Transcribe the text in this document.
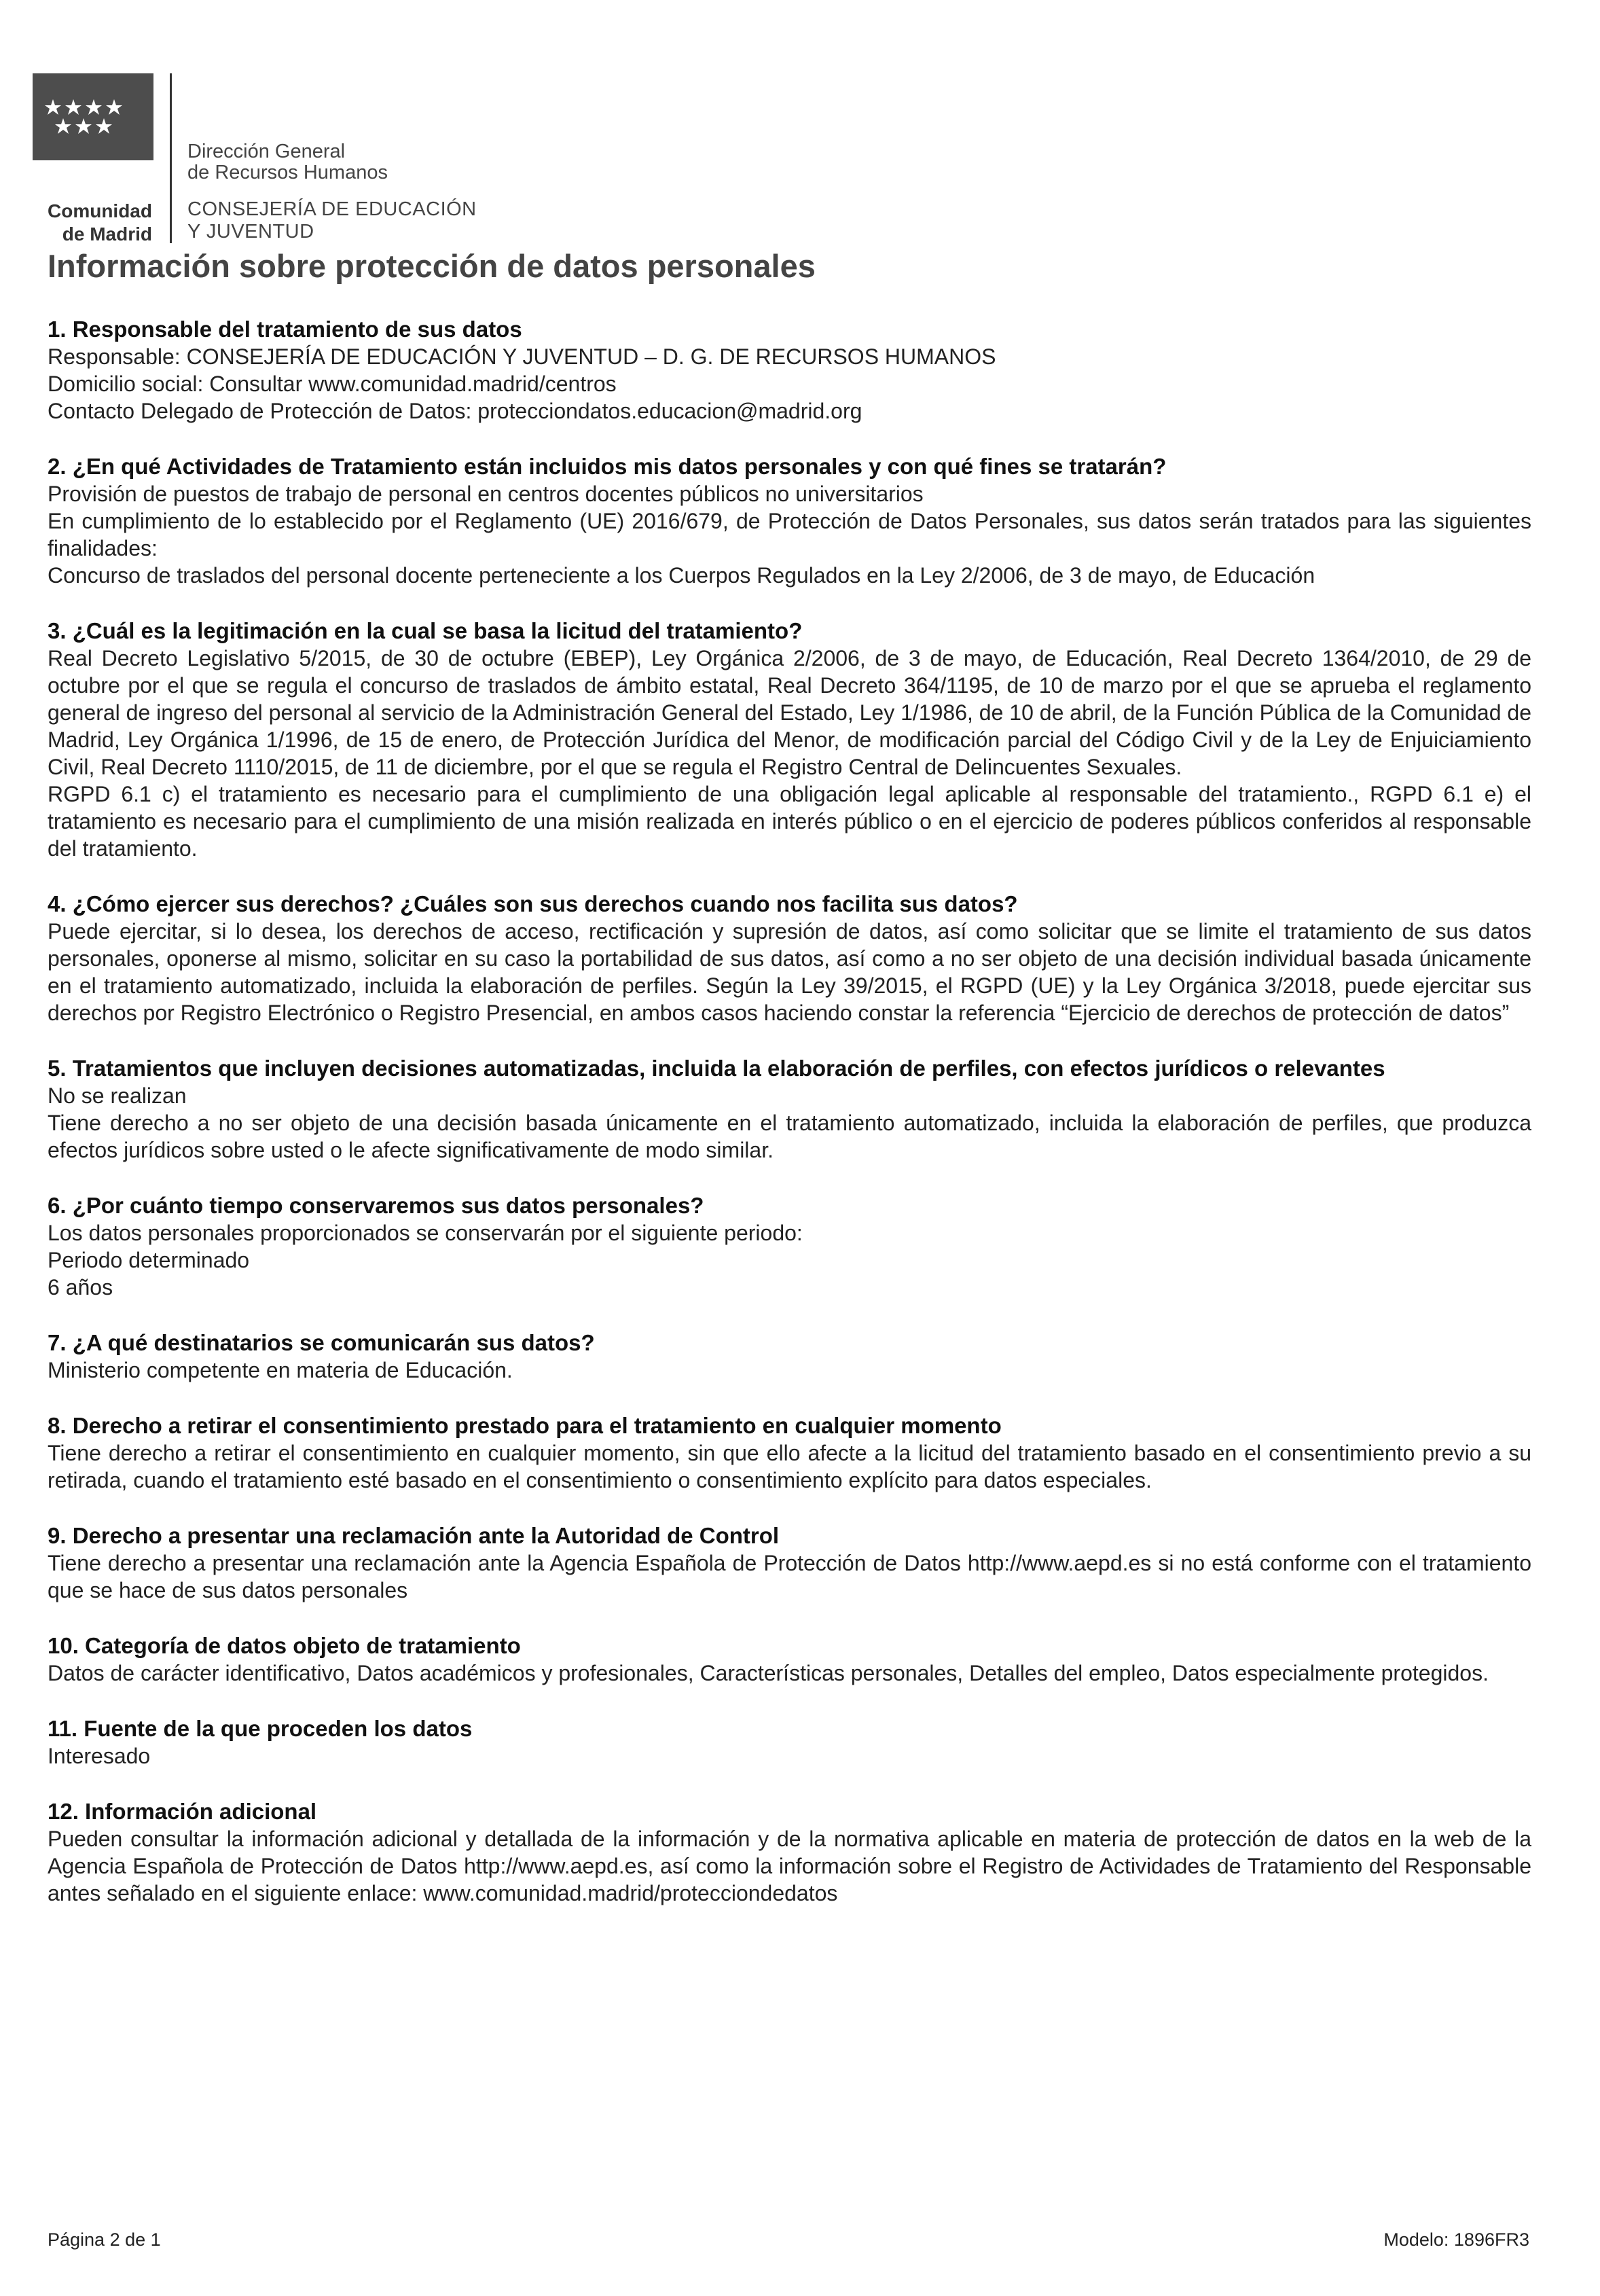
Comunidad
de Madrid
Dirección General
de Recursos Humanos
CONSEJERÍA DE EDUCACIÓN
Y JUVENTUD
Información sobre protección de datos personales
1. Responsable del tratamiento de sus datos

Responsable: CONSEJERÍA DE EDUCACIÓN Y JUVENTUD – D. G. DE RECURSOS HUMANOS

Domicilio social: Consultar www.comunidad.madrid/centros

Contacto Delegado de Protección de Datos: protecciondatos.educacion@madrid.org

2. ¿En qué Actividades de Tratamiento están incluidos mis datos personales y con qué fines se tratarán?

Provisión de puestos de trabajo de personal en centros docentes públicos no universitarios

En cumplimiento de lo establecido por el Reglamento (UE) 2016/679, de Protección de Datos Personales, sus datos serán tratados para las siguientes finalidades:

Concurso de traslados del personal docente perteneciente a los Cuerpos Regulados en la Ley 2/2006, de 3 de mayo, de Educación

3. ¿Cuál es la legitimación en la cual se basa la licitud del tratamiento?

Real Decreto Legislativo 5/2015, de 30 de octubre (EBEP), Ley Orgánica 2/2006, de 3 de mayo, de Educación, Real Decreto 1364/2010, de 29 de octubre por el que se regula el concurso de traslados de ámbito estatal, Real Decreto 364/1195, de 10 de marzo por el que se aprueba el reglamento general de ingreso del personal al servicio de la Administración General del Estado, Ley 1/1986, de 10 de abril, de la Función Pública de la Comunidad de Madrid, Ley Orgánica 1/1996, de 15 de enero, de Protección Jurídica del Menor, de modificación parcial del Código Civil y de la Ley de Enjuiciamiento Civil, Real Decreto 1110/2015, de 11 de diciembre, por el que se regula el Registro Central de Delincuentes Sexuales.

RGPD 6.1 c) el tratamiento es necesario para el cumplimiento de una obligación legal aplicable al responsable del tratamiento., RGPD 6.1 e) el tratamiento es necesario para el cumplimiento de una misión realizada en interés público o en el ejercicio de poderes públicos conferidos al responsable del tratamiento.

4. ¿Cómo ejercer sus derechos? ¿Cuáles son sus derechos cuando nos facilita sus datos?

Puede ejercitar, si lo desea, los derechos de acceso, rectificación y supresión de datos, así como solicitar que se limite el tratamiento de sus datos personales, oponerse al mismo, solicitar en su caso la portabilidad de sus datos, así como a no ser objeto de una decisión individual basada únicamente en el tratamiento automatizado, incluida la elaboración de perfiles. Según la Ley 39/2015, el RGPD (UE) y la Ley Orgánica 3/2018, puede ejercitar sus derechos por Registro Electrónico o Registro Presencial, en ambos casos haciendo constar la referencia “Ejercicio de derechos de protección de datos”

5. Tratamientos que incluyen decisiones automatizadas, incluida la elaboración de perfiles, con efectos jurídicos o relevantes

No se realizan

Tiene derecho a no ser objeto de una decisión basada únicamente en el tratamiento automatizado, incluida la elaboración de perfiles, que produzca efectos jurídicos sobre usted o le afecte significativamente de modo similar.

6. ¿Por cuánto tiempo conservaremos sus datos personales?

Los datos personales proporcionados se conservarán por el siguiente periodo:

Periodo determinado

6 años

7. ¿A qué destinatarios se comunicarán sus datos?

Ministerio competente en materia de Educación.

8. Derecho a retirar el consentimiento prestado para el tratamiento en cualquier momento

Tiene derecho a retirar el consentimiento en cualquier momento, sin que ello afecte a la licitud del tratamiento basado en el consentimiento previo a su retirada, cuando el tratamiento esté basado en el consentimiento o consentimiento explícito para datos especiales.

9. Derecho a presentar una reclamación ante la Autoridad de Control

Tiene derecho a presentar una reclamación ante la Agencia Española de Protección de Datos http://www.aepd.es si no está conforme con el tratamiento que se hace de sus datos personales

10. Categoría de datos objeto de tratamiento

Datos de carácter identificativo, Datos académicos y profesionales, Características personales, Detalles del empleo, Datos especialmente protegidos.

11. Fuente de la que proceden los datos

Interesado

12. Información adicional

Pueden consultar la información adicional y detallada de la información y de la normativa aplicable en materia de protección de datos en la web de la Agencia Española de Protección de Datos http://www.aepd.es, así como la información sobre el Registro de Actividades de Tratamiento del Responsable antes señalado en el siguiente enlace: www.comunidad.madrid/protecciondedatos

Página 2 de 1	Modelo: 1896FR3
